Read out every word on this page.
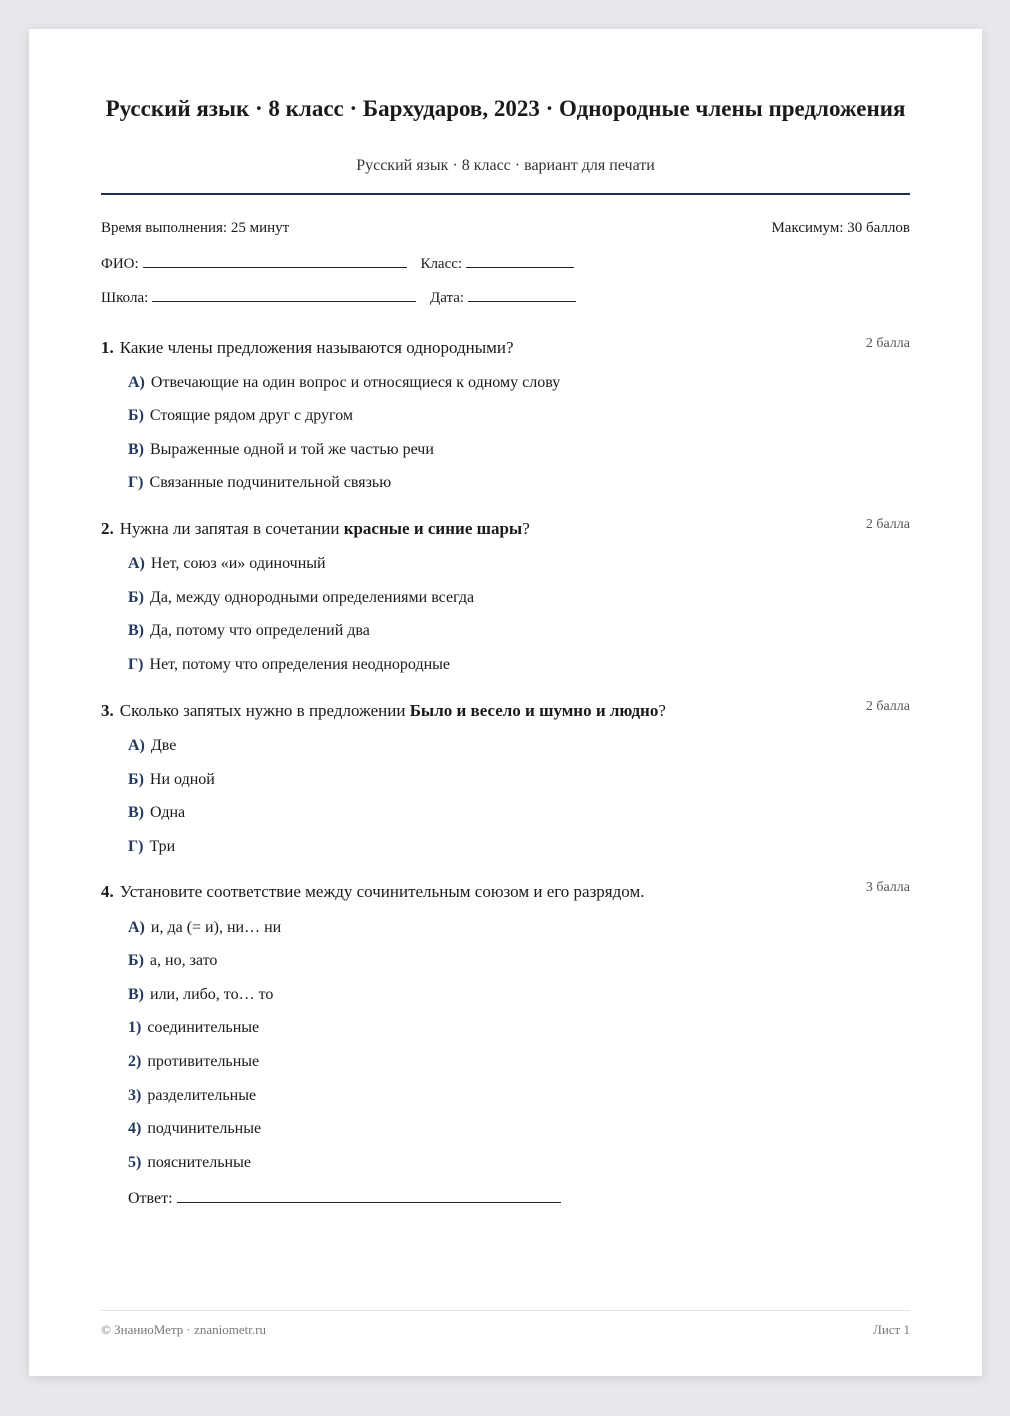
Русский язык · 8 класс · Бархударов, 2023 · Однородные члены предложения
Русский язык · 8 класс · вариант для печати
Время выполнения: 25 минут	Максимум: 30 баллов
ФИО:	Класс:
Школа:	Дата:
1. Какие члены предложения называются однородными?	2 балла
А) Отвечающие на один вопрос и относящиеся к одному слову
Б) Стоящие рядом друг с другом
В) Выраженные одной и той же частью речи
Г) Связанные подчинительной связью
2. Нужна ли запятая в сочетании красные и синие шары?	2 балла
А) Нет, союз «и» одиночный
Б) Да, между однородными определениями всегда
В) Да, потому что определений два
Г) Нет, потому что определения неоднородные
3. Сколько запятых нужно в предложении Было и весело и шумно и людно?	2 балла
А) Две
Б) Ни одной
В) Одна
Г) Три
4. Установите соответствие между сочинительным союзом и его разрядом.	3 балла
А) и, да (= и), ни… ни
Б) а, но, зато
В) или, либо, то… то
1) соединительные
2) противительные
3) разделительные
4) подчинительные
5) пояснительные
Ответ:
© ЗнаниоМетр · znaniometr.ru	Лист 1
